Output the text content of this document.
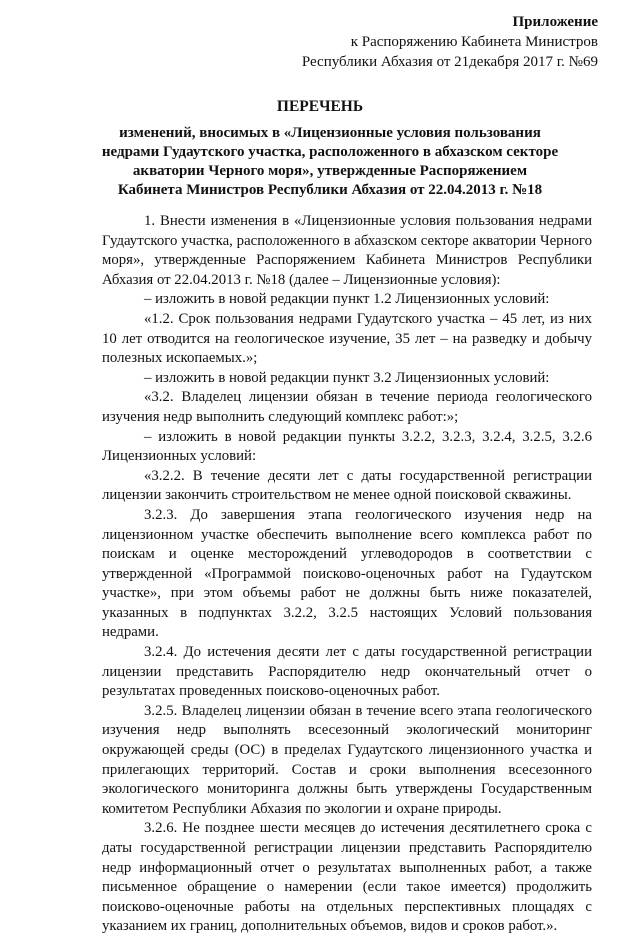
Приложение
к Распоряжению Кабинета Министров
Республики Абхазия от 21декабря 2017 г. №69
ПЕРЕЧЕНЬ
изменений, вносимых в «Лицензионные условия пользования
недрами Гудаутского участка, расположенного в абхазском секторе
акватории Черного моря», утвержденные Распоряжением
Кабинета Министров Республики Абхазия от 22.04.2013 г. №18

1. Внести изменения в «Лицензионные условия пользования недрами Гудаутского участка, расположенного в абхазском секторе акватории Черного моря», утвержденные Распоряжением Кабинета Министров Республики Абхазия от 22.04.2013 г. №18 (далее – Лицензионные условия):

– изложить в новой редакции пункт 1.2 Лицензионных условий:

«1.2. Срок пользования недрами Гудаутского участка – 45 лет, из них 10 лет отводится на геологическое изучение, 35 лет – на разведку и добычу полезных ископаемых.»;

– изложить в новой редакции пункт 3.2 Лицензионных условий:

«3.2. Владелец лицензии обязан в течение периода геологического изучения недр выполнить следующий комплекс работ:»;

– изложить в новой редакции пункты 3.2.2, 3.2.3, 3.2.4, 3.2.5, 3.2.6 Лицензионных условий:

«3.2.2. В течение десяти лет с даты государственной регистрации лицензии закончить строительством не менее одной поисковой скважины.

3.2.3. До завершения этапа геологического изучения недр на лицензионном участке обеспечить выполнение всего комплекса работ по поискам и оценке месторождений углеводородов в соответствии с утвержденной «Программой поисково-оценочных работ на Гудаутском участке», при этом объемы работ не должны быть ниже показателей, указанных в подпунктах 3.2.2, 3.2.5 настоящих Условий пользования недрами.

3.2.4. До истечения десяти лет с даты государственной регистрации лицензии представить Распорядителю недр окончательный отчет о результатах проведенных поисково-оценочных работ.

3.2.5. Владелец лицензии обязан в течение всего этапа геологического изучения недр выполнять всесезонный экологический мониторинг окружающей среды (ОС) в пределах Гудаутского лицензионного участка и прилегающих территорий. Состав и сроки выполнения всесезонного экологического мониторинга должны быть утверждены Государственным комитетом Республики Абхазия по экологии и охране природы.

3.2.6. Не позднее шести месяцев до истечения десятилетнего срока с даты государственной регистрации лицензии представить Распорядителю недр информационный отчет о результатах выполненных работ, а также письменное обращение о намерении (если такое имеется) продолжить поисково-оценочные работы на отдельных перспективных площадях с указанием их границ, дополнительных объемов, видов и сроков работ.».
